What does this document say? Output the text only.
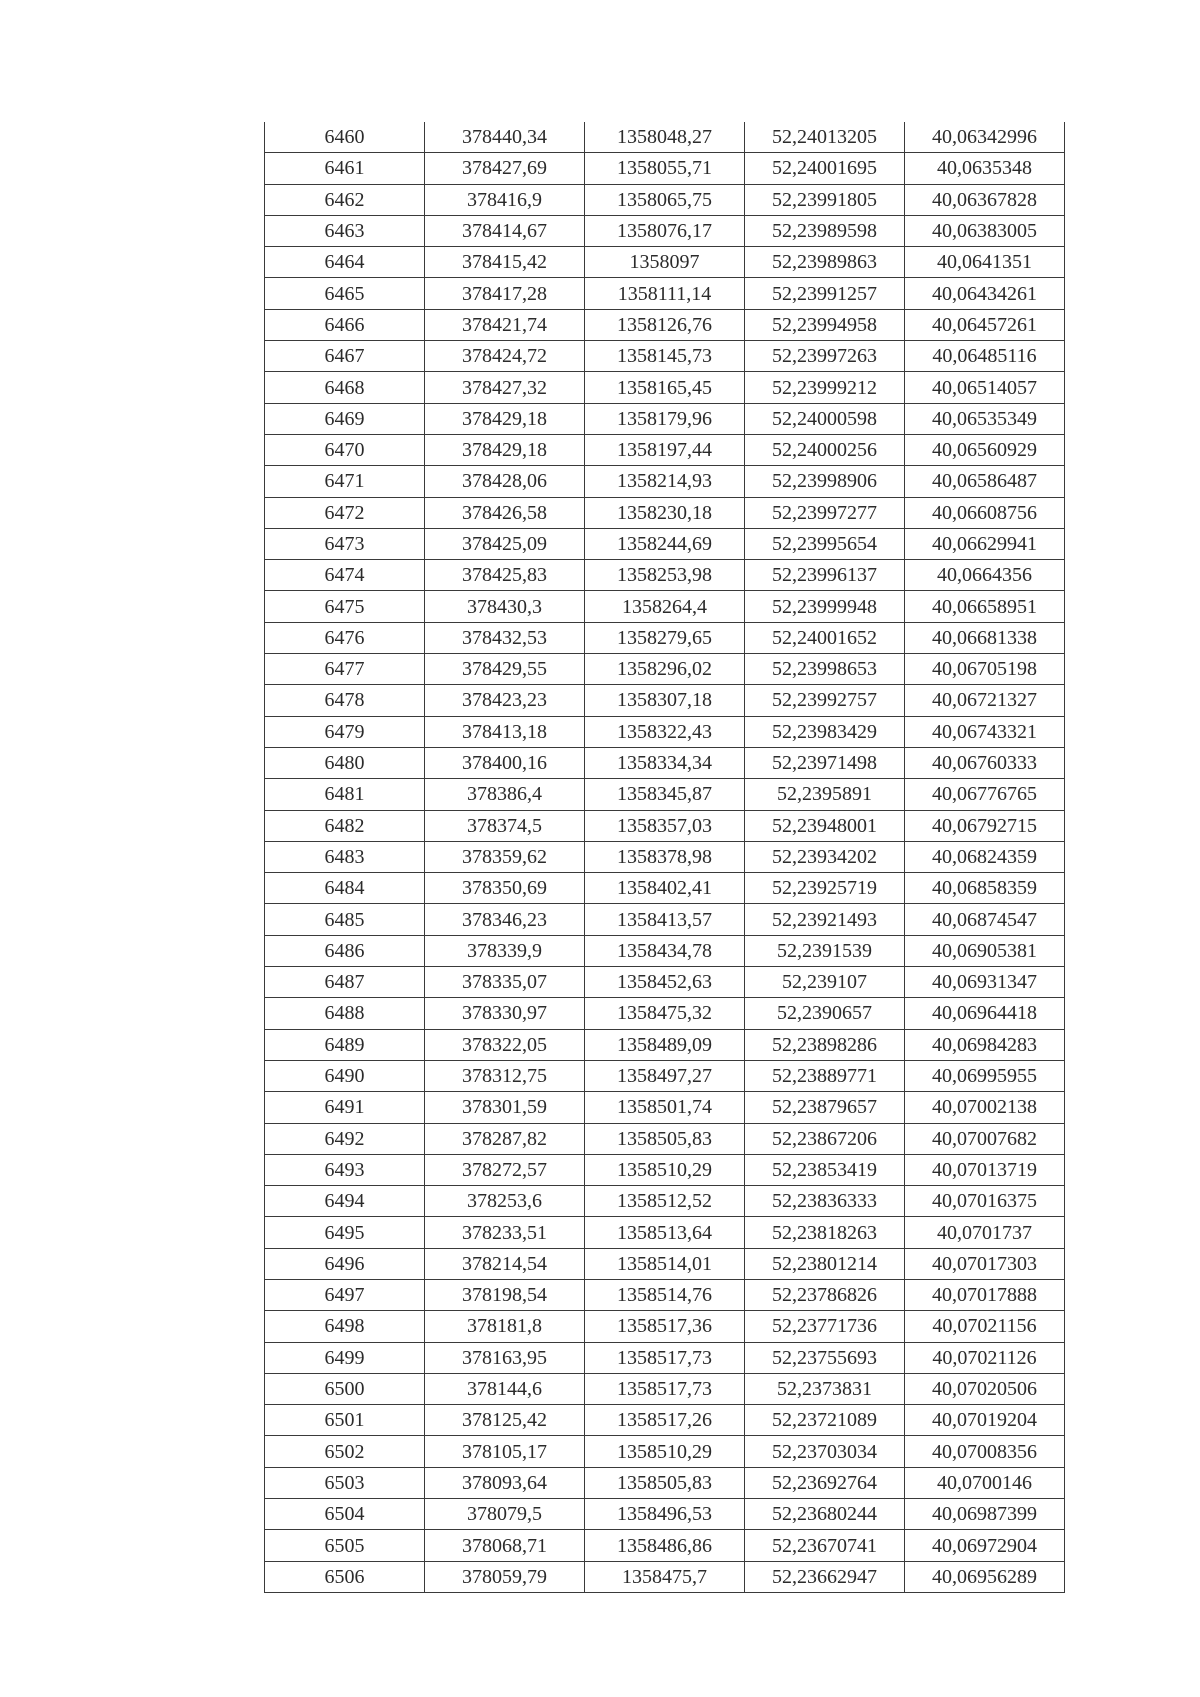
6460	378440,34	1358048,27	52,24013205	40,06342996
6461	378427,69	1358055,71	52,24001695	40,0635348
6462	378416,9	1358065,75	52,23991805	40,06367828
6463	378414,67	1358076,17	52,23989598	40,06383005
6464	378415,42	1358097	52,23989863	40,0641351
6465	378417,28	1358111,14	52,23991257	40,06434261
6466	378421,74	1358126,76	52,23994958	40,06457261
6467	378424,72	1358145,73	52,23997263	40,06485116
6468	378427,32	1358165,45	52,23999212	40,06514057
6469	378429,18	1358179,96	52,24000598	40,06535349
6470	378429,18	1358197,44	52,24000256	40,06560929
6471	378428,06	1358214,93	52,23998906	40,06586487
6472	378426,58	1358230,18	52,23997277	40,06608756
6473	378425,09	1358244,69	52,23995654	40,06629941
6474	378425,83	1358253,98	52,23996137	40,0664356
6475	378430,3	1358264,4	52,23999948	40,06658951
6476	378432,53	1358279,65	52,24001652	40,06681338
6477	378429,55	1358296,02	52,23998653	40,06705198
6478	378423,23	1358307,18	52,23992757	40,06721327
6479	378413,18	1358322,43	52,23983429	40,06743321
6480	378400,16	1358334,34	52,23971498	40,06760333
6481	378386,4	1358345,87	52,2395891	40,06776765
6482	378374,5	1358357,03	52,23948001	40,06792715
6483	378359,62	1358378,98	52,23934202	40,06824359
6484	378350,69	1358402,41	52,23925719	40,06858359
6485	378346,23	1358413,57	52,23921493	40,06874547
6486	378339,9	1358434,78	52,2391539	40,06905381
6487	378335,07	1358452,63	52,239107	40,06931347
6488	378330,97	1358475,32	52,2390657	40,06964418
6489	378322,05	1358489,09	52,23898286	40,06984283
6490	378312,75	1358497,27	52,23889771	40,06995955
6491	378301,59	1358501,74	52,23879657	40,07002138
6492	378287,82	1358505,83	52,23867206	40,07007682
6493	378272,57	1358510,29	52,23853419	40,07013719
6494	378253,6	1358512,52	52,23836333	40,07016375
6495	378233,51	1358513,64	52,23818263	40,0701737
6496	378214,54	1358514,01	52,23801214	40,07017303
6497	378198,54	1358514,76	52,23786826	40,07017888
6498	378181,8	1358517,36	52,23771736	40,07021156
6499	378163,95	1358517,73	52,23755693	40,07021126
6500	378144,6	1358517,73	52,2373831	40,07020506
6501	378125,42	1358517,26	52,23721089	40,07019204
6502	378105,17	1358510,29	52,23703034	40,07008356
6503	378093,64	1358505,83	52,23692764	40,0700146
6504	378079,5	1358496,53	52,23680244	40,06987399
6505	378068,71	1358486,86	52,23670741	40,06972904
6506	378059,79	1358475,7	52,23662947	40,06956289
